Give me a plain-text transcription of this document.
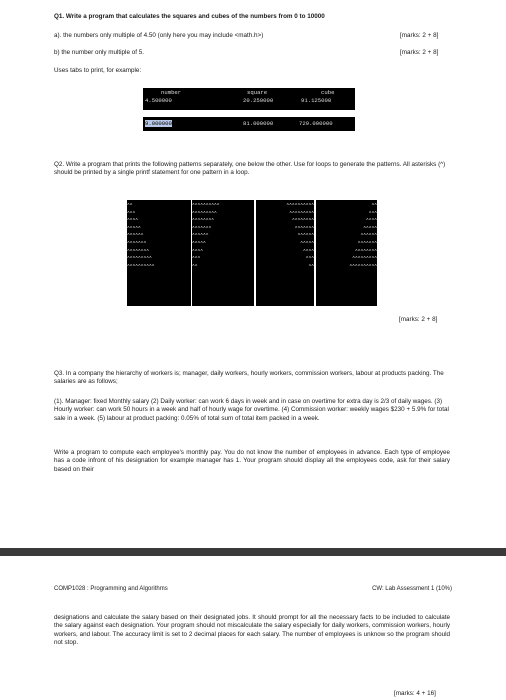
Q1. Write a program that calculates the squares and cubes of the numbers from 0 to 10000
a). the numbers only multiple of 4.50 (only here you may include <math.h>)	[marks: 2 + 8]
b) the number only multiple of 5.	[marks: 2 + 8]
Uses tabs to print, for example:
number	square	cube
4.500000	20.250000	91.125000
9.000000	81.000000	729.000000
Q2. Write a program that prints the following patterns separately, one below the other. Use for loops to generate the patterns. All asterisks (^) should be printed by a single printf statement for one pattern in a loop.
^^
^^^
^^^^
^^^^^
^^^^^^
^^^^^^^
^^^^^^^^
^^^^^^^^^
^^^^^^^^^^
^^^^^^^^^^
^^^^^^^^^
^^^^^^^^
^^^^^^^
^^^^^^
^^^^^
^^^^
^^^
^^
^^^^^^^^^^
^^^^^^^^^
^^^^^^^^
^^^^^^^
^^^^^^
^^^^^
^^^^
^^^
^^
^^
^^^
^^^^
^^^^^
^^^^^^
^^^^^^^
^^^^^^^^
^^^^^^^^^
^^^^^^^^^^
[marks: 2 + 8]
Q3. In a company the hierarchy of workers is; manager, daily workers, hourly workers, commission workers, labour at products packing. The salaries are as follows;
(1). Manager: fixed Monthly salary (2) Daily worker: can work 6 days in week and in case on overtime for extra day is 2/3 of daily wages. (3) Hourly worker: can work 50 hours in a week and half of hourly wage for overtime. (4) Commission worker: weekly wages $230 + 5.9% for total sale in a week. (5) labour at product packing: 0.05% of total sum of total item packed in a week.
Write a program to compute each employee's monthly pay. You do not know the number of employees in advance. Each type of employee has a code infront of his designation for example manager has 1. Your program should display all the employees code, ask for their salary based on their
COMP1028 : Programming and Algorithms	CW: Lab Assessment 1 (10%)
designations and calculate the salary based on their designated jobs. It should prompt for all the necessary facts to be included to calculate the salary against each designation. Your program should not miscalculate the salary especially for daily workers, commission workers, hourly workers, and labour. The accuracy limit is set to 2 decimal places for each salary. The number of employees is unknow so the program should not stop.
[marks: 4 + 16]
